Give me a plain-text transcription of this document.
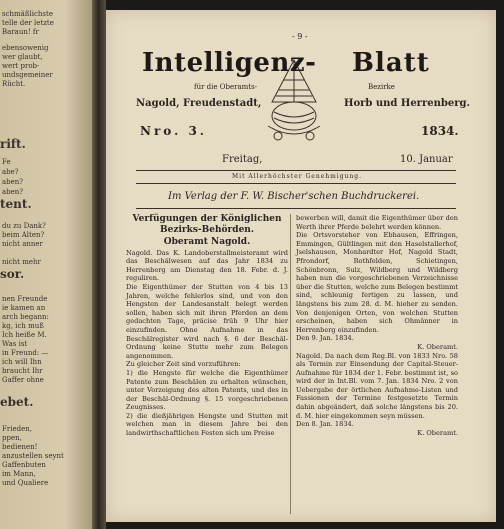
rift.
tent.
sor.
ebet.
schmäßlichste
telle der letzte
Baraun! fr
ebensowenig
wer glaubt,
wert prob-
undsgemeiner
Rücht.
Fe
abe?
aben?
aben?
du zu Dank?
beim Alten?
nicht anner
nicht mehr
nen Freunde
ie kamen an
arch begann:
kg, ich muß
Ich heiße M.
Was ist
in Freund: —
ich will Ihn
braucht Ihr
Gaffer ohne
Frieden,
ppen,
bedienen!
anzustellen seynt
Gaffenbuten
im Mann,
und Qualiere
- 9 -
Intelligenz- Blatt
für die Oberamts-	Bezirke
Nagold, Freudenstadt,	Horb und Herrenberg.
Nro. 3.	1834.
Freitag,	10. Januar
Mit Allerhöchster Genehmigung.
Im Verlag der F. W. Bischer'schen Buchdruckerei.

Verfügungen der Königlichen Bezirks-Behörden.

Oberamt Nagold.

Nagold. Das K. Landoberstallmeisteramt wird das Beschälwesen auf das Jahr 1834 zu Herrenberg am Dienstag den 18. Febr. d. J. reguliren.

Die Eigenthümer der Stutten von 4 bis 13 Jahren, welche fehlerlos sind, und von den Hengsten der Landesanstalt belegt werden sollen, haben sich mit ihren Pferden an dem gedachten Tage, präcise früh 9 Uhr hier einzufinden. Ohne Aufnahme in das Beschälregister wird nach §. 6 der Beschäl-Ordnung keine Stutte mehr zum Belegen angenommen.

Zu gleicher Zeit sind vorzuführen:

1) die Hengste für welche die Eigenthümer Patente zum Beschälen zu erhalten wünschen, unter Vorzeigung des alten Patents, und des in der Beschäl-Ordnung §. 15 vorgeschriebenen Zeugnisses.

2) die dießjährigen Hengste und Stutten mit welchen man in diesem Jahre bei den landwirthschaftlichen Festen sich um Preise

bewerben will, damit die Eigenthümer über den Werth ihrer Pferde belehrt werden können.

Die Ortsvorsteher von Ebhausen, Effringen, Emmingen, Gültlingen mit den Haselstallerhof, Jselshausen, Monhardter Hof, Nagold Stadt, Pfrondorf, Rothfelden, Schietingen, Schönbronn, Sulz, Wildberg und Wildberg haben nun die vorgeschriebenen Verzeichnisse über die Stutten, welche zum Belegen bestimmt sind, schleunig fertigen zu lassen, und längstens bis zum 28. d. M. hieher zu senden. Von denjenigen Orten, von welchen Stutten erscheinen, haben sich Ohmänner in Herrenberg einzufinden.

Den 9. Jan. 1834.

K. Oberamt.

Nagold. Da nach dem Reg.Bl. von 1833 Nro. 58 als Termin zur Einsendung der Capital-Steuer-Aufnahme für 1834 der 1. Febr. bestimmt ist, so wird der in Int.Bl. vom 7. Jan. 1834 Nro. 2 von Uebergabe der örtlichen Aufnahme-Listen und Fassionen der Termine festgesetzte Termin dahin abgeändert, daß solche längstens bis 20. d. M. hier eingekommen seyn müssen.

Den 8. Jan. 1834.

K. Oberamt.
